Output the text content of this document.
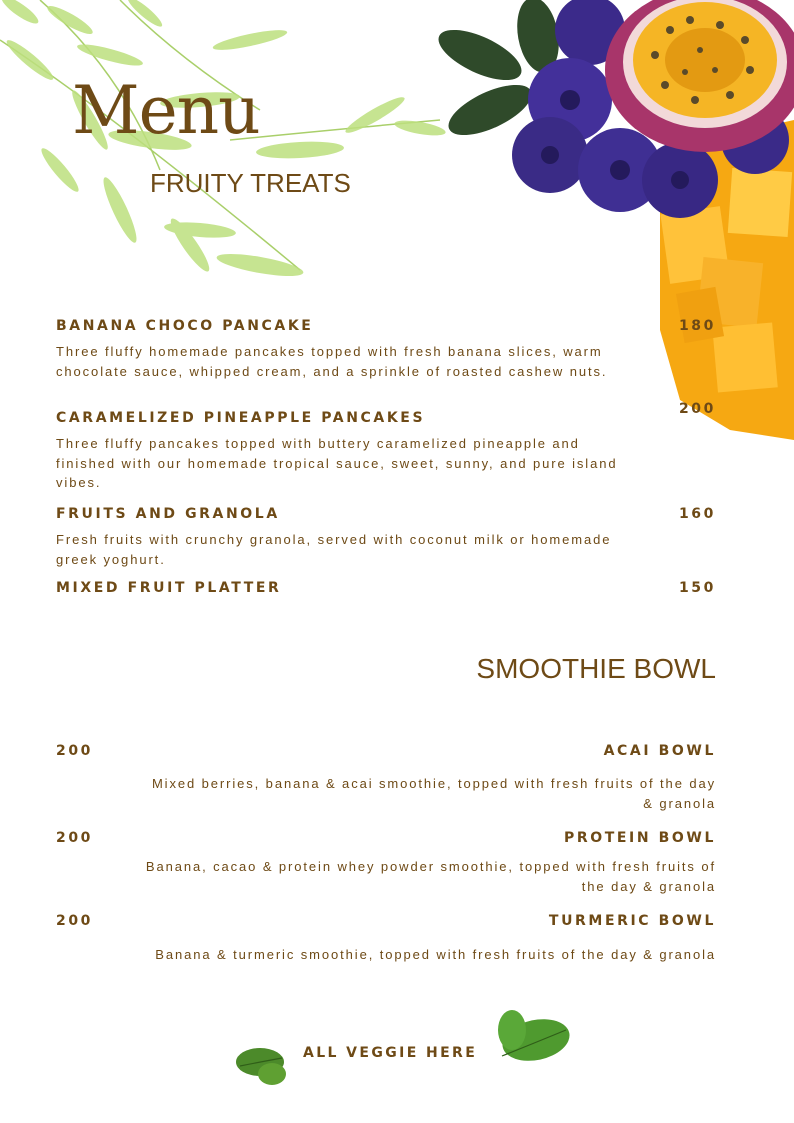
Menu
FRUITY TREATS
BANANA CHOCO PANCAKE	180
Three fluffy homemade pancakes topped with fresh banana slices, warm chocolate sauce, whipped cream, and a sprinkle of roasted cashew nuts.
CARAMELIZED PINEAPPLE PANCAKES
200
Three fluffy pancakes topped with buttery caramelized pineapple and finished with our homemade tropical sauce, sweet, sunny, and pure island vibes.
FRUITS AND GRANOLA	160
Fresh fruits with crunchy granola, served with coconut milk or homemade greek yoghurt.
MIXED FRUIT PLATTER	150
SMOOTHIE BOWL
200	ACAI BOWL
Mixed berries, banana & acai smoothie, topped with fresh fruits of the day & granola
200	PROTEIN BOWL
Banana, cacao & protein whey powder smoothie, topped with fresh fruits of the day & granola
200	TURMERIC BOWL
Banana & turmeric smoothie, topped with fresh fruits of the day & granola
ALL VEGGIE HERE
